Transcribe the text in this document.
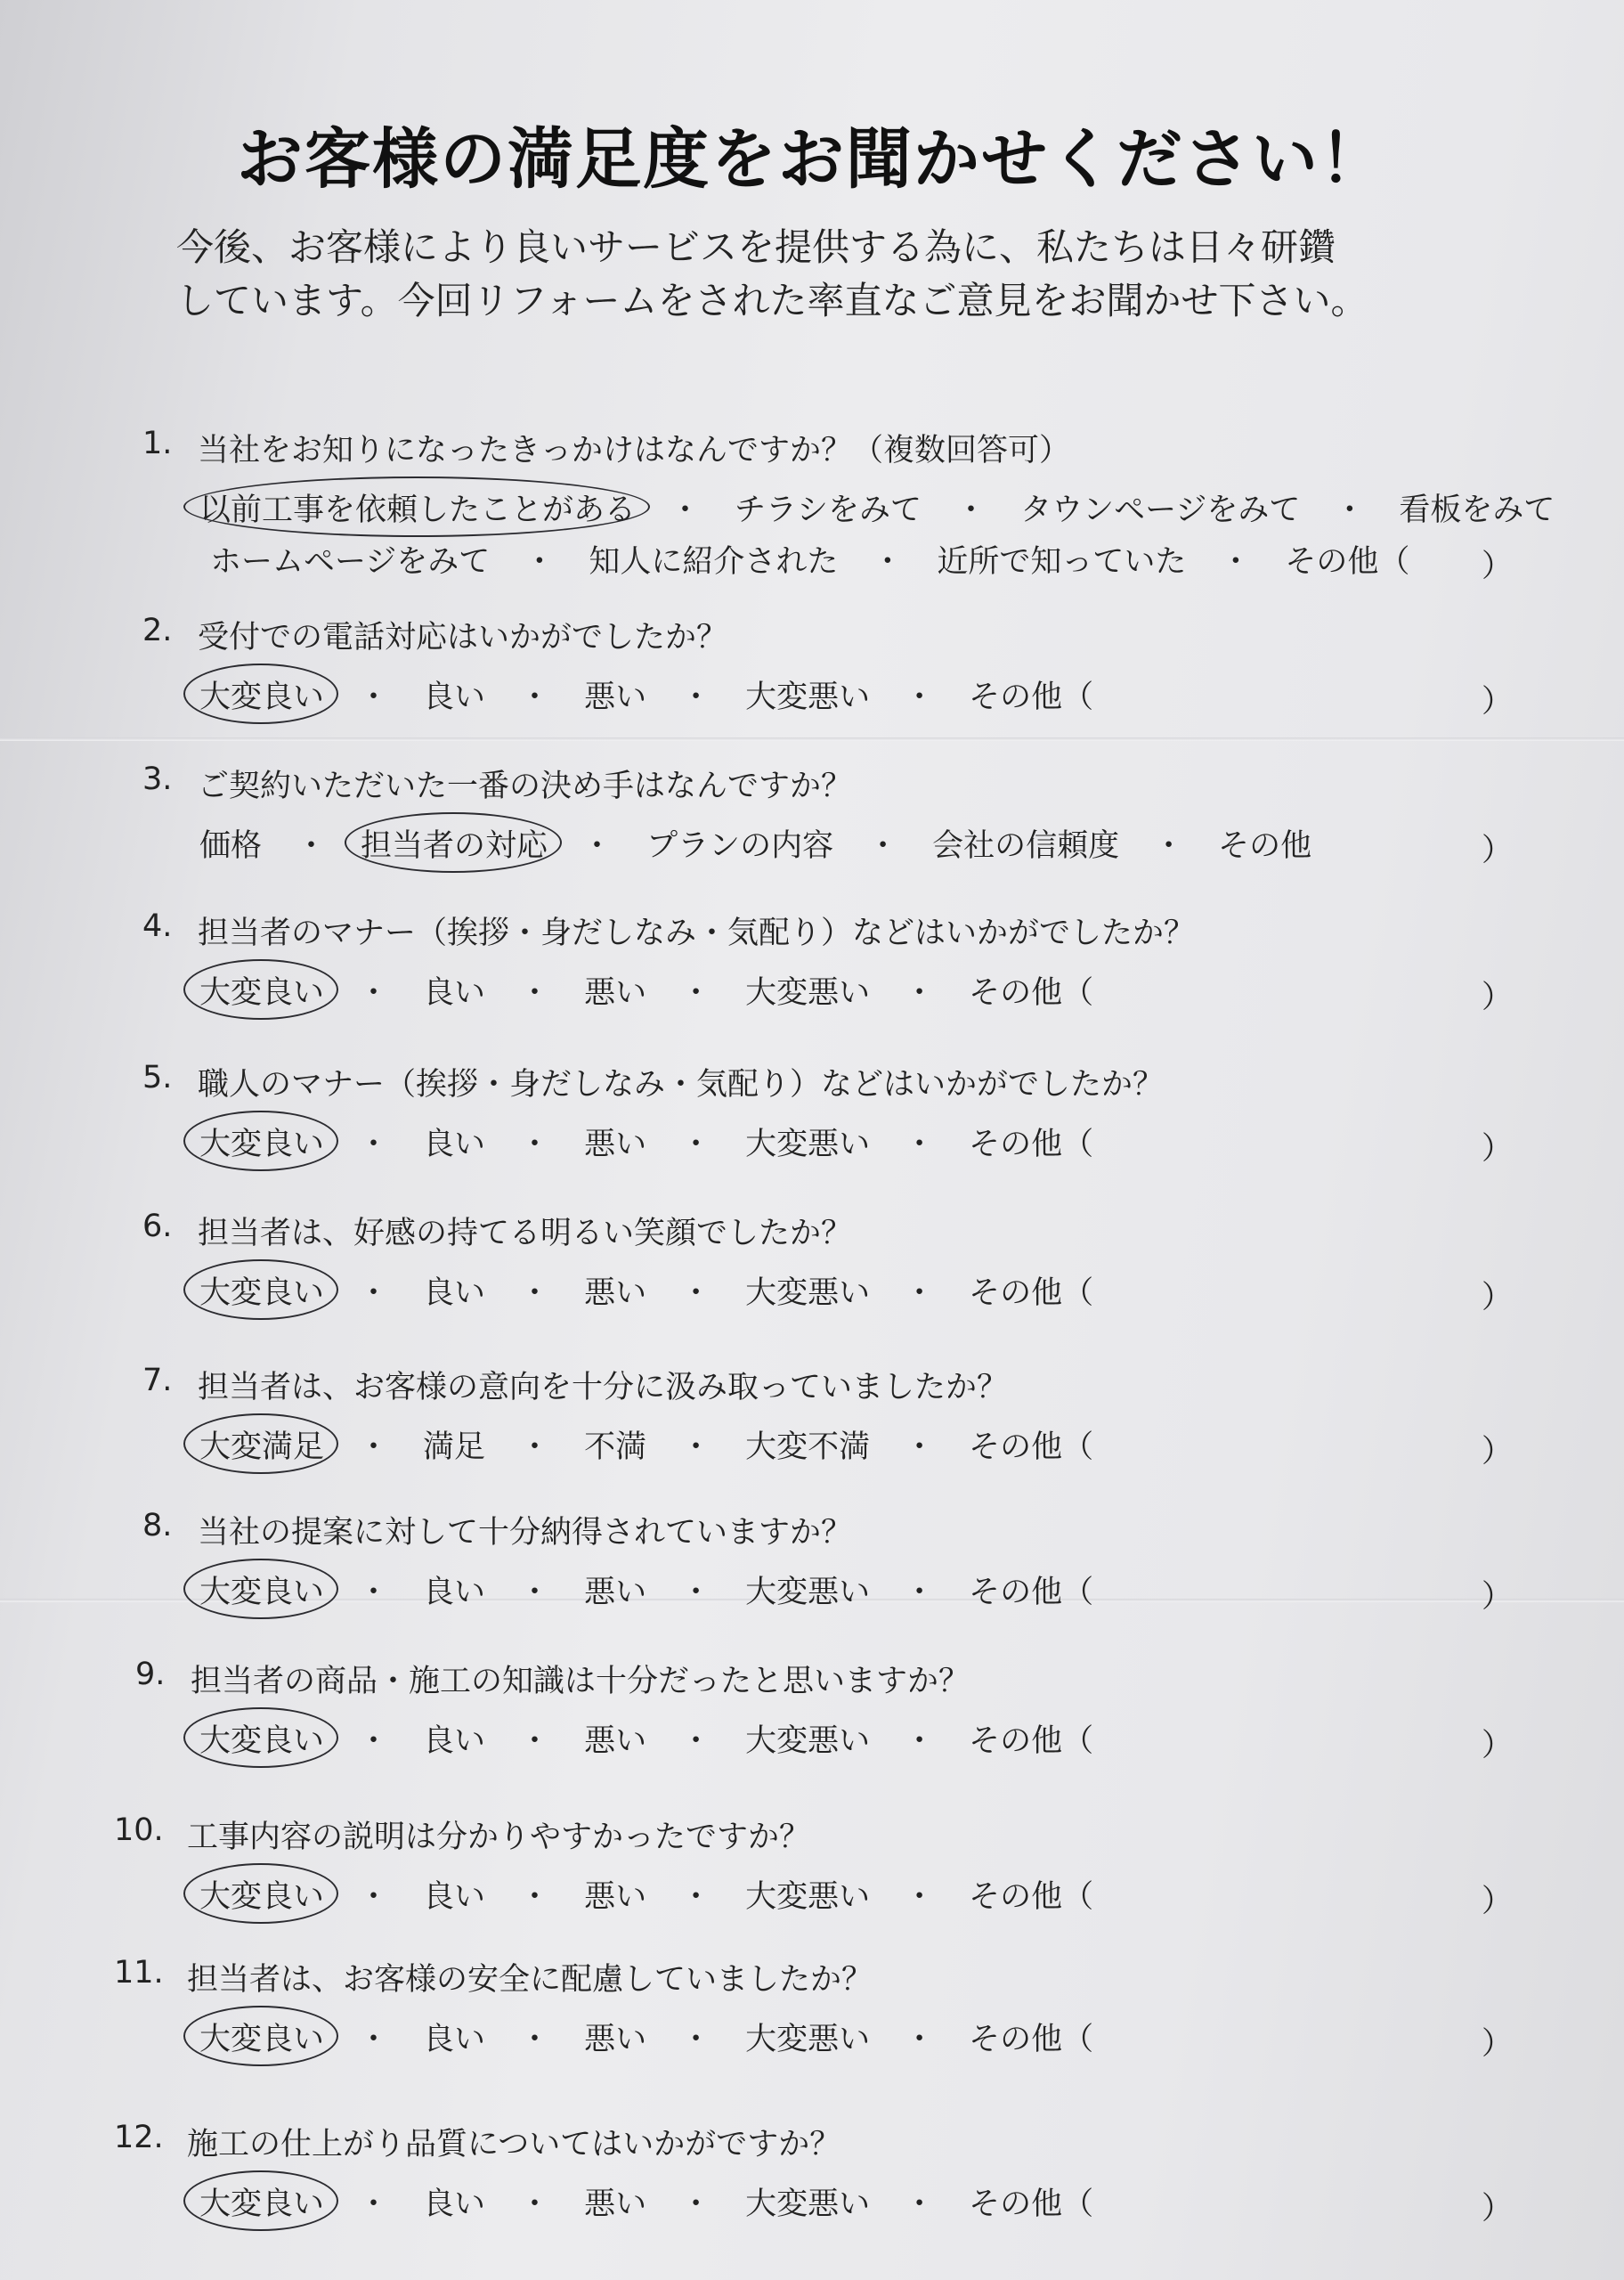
お客様の満足度をお聞かせください！
今後、お客様により良いサービスを提供する為に、私たちは日々研鑽
しています。今回リフォームをされた率直なご意見をお聞かせ下さい。
1. 当社をお知りになったきっかけはなんですか？（複数回答可）
以前工事を依頼したことがある ・ チラシをみて ・ タウンページをみて ・ 看板をみて
ホームページをみて ・ 知人に紹介された ・ 近所で知っていた ・ その他（ ）
2. 受付での電話対応はいかがでしたか？
大変良い ・ 良い ・ 悪い ・ 大変悪い ・ その他（	）
3. ご契約いただいた一番の決め手はなんですか？
価格 ・ 担当者の対応 ・ プランの内容 ・ 会社の信頼度 ・ その他	）
4. 担当者のマナー（挨拶・身だしなみ・気配り）などはいかがでしたか？
大変良い ・ 良い ・ 悪い ・ 大変悪い ・ その他（	）
5. 職人のマナー（挨拶・身だしなみ・気配り）などはいかがでしたか？
大変良い ・ 良い ・ 悪い ・ 大変悪い ・ その他（	）
6. 担当者は、好感の持てる明るい笑顔でしたか？
大変良い ・ 良い ・ 悪い ・ 大変悪い ・ その他（	）
7. 担当者は、お客様の意向を十分に汲み取っていましたか？
大変満足 ・ 満足 ・ 不満 ・ 大変不満 ・ その他（	）
8. 当社の提案に対して十分納得されていますか？
大変良い ・ 良い ・ 悪い ・ 大変悪い ・ その他（	）
9. 担当者の商品・施工の知識は十分だったと思いますか？
大変良い ・ 良い ・ 悪い ・ 大変悪い ・ その他（	）
10. 工事内容の説明は分かりやすかったですか？
大変良い ・ 良い ・ 悪い ・ 大変悪い ・ その他（	）
11. 担当者は、お客様の安全に配慮していましたか？
大変良い ・ 良い ・ 悪い ・ 大変悪い ・ その他（	）
12. 施工の仕上がり品質についてはいかがですか？
大変良い ・ 良い ・ 悪い ・ 大変悪い ・ その他（	）
